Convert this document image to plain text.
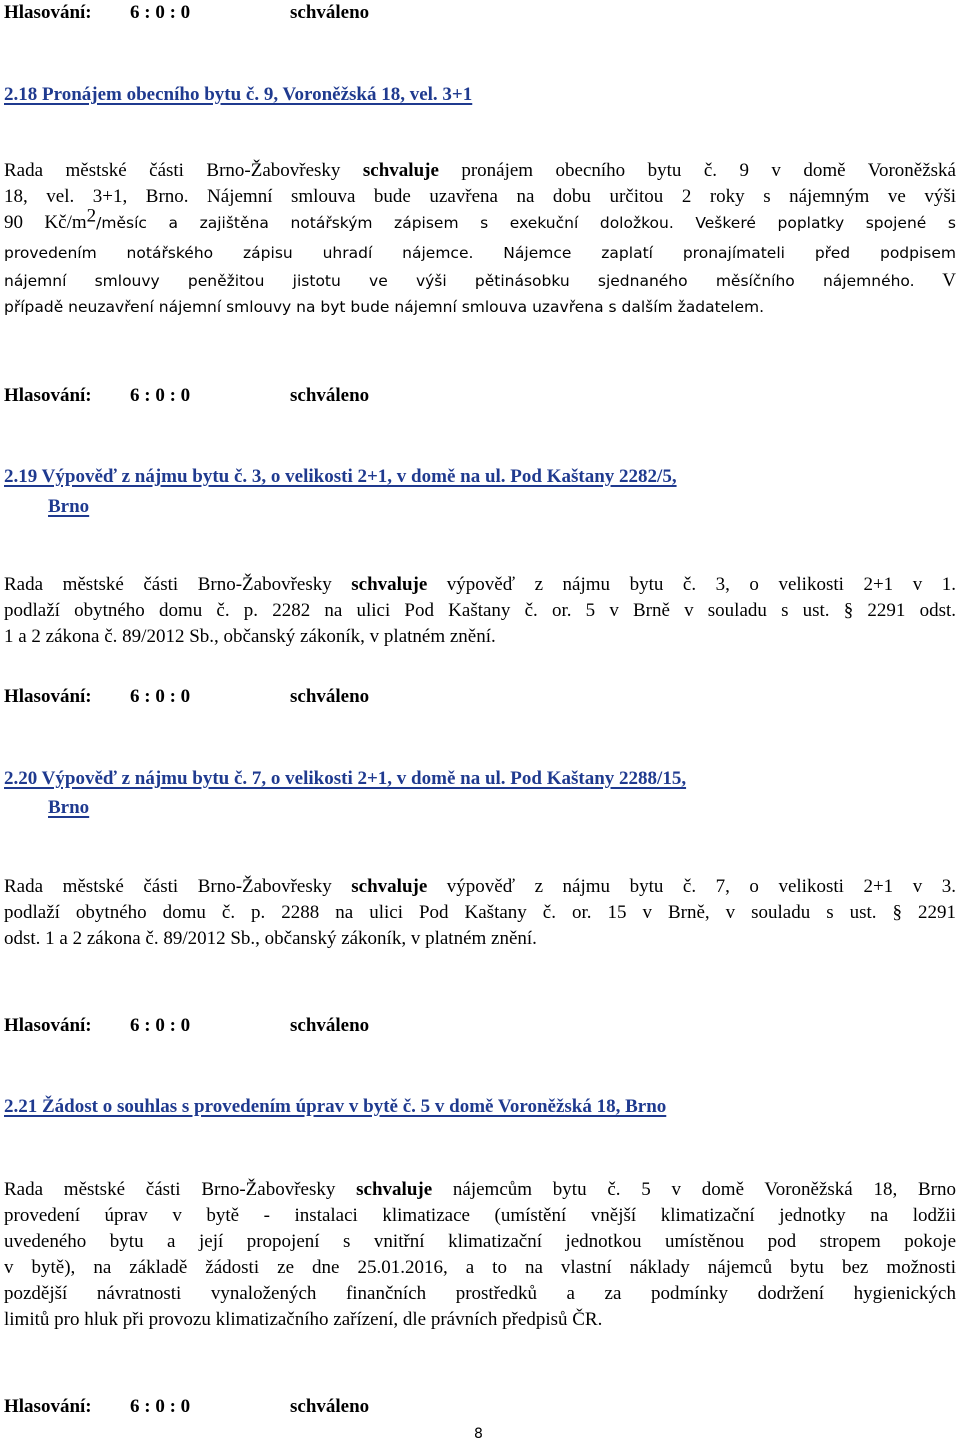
Hlasování: 6 : 0 : 0	schváleno
2.18 Pronájem obecního bytu č. 9, Voroněžská 18, vel. 3+1
Rada městské části Brno-Žabovřesky schvaluje pronájem obecního bytu č. 9 v domě Voroněžská
18, vel. 3+1, Brno. Nájemní smlouva bude uzavřena na dobu určitou 2 roky s nájemným ve výši
90 $Kč/m^2$/měsíc a zajištěna notářským zápisem s exekuční doložkou. Veškeré poplatky spojené s
provedením notářského zápisu uhradí nájemce. Nájemce zaplatí pronajímateli před podpisem
nájemní smlouvy peněžitou jistotu ve výši pětinásobku sjednaného měsíčního nájemného. V
případě neuzavření nájemní smlouvy na byt bude nájemní smlouva uzavřena s dalším žadatelem.
Hlasování: 6 : 0 : 0	schváleno
2.19 Výpověď z nájmu bytu č. 3, o velikosti 2+1, v domě na ul. Pod Kaštany 2282/5,
Brno
Rada městské části Brno-Žabovřesky schvaluje výpověď z nájmu bytu č. 3, o velikosti 2+1 v 1.
podlaží obytného domu č. p. 2282 na ulici Pod Kaštany č. or. 5 v Brně v souladu s ust. § 2291 odst.
1 a 2 zákona č. 89/2012 Sb., občanský zákoník, v platném znění.
Hlasování: 6 : 0 : 0	schváleno
2.20 Výpověď z nájmu bytu č. 7, o velikosti 2+1, v domě na ul. Pod Kaštany 2288/15,
Brno
Rada městské části Brno-Žabovřesky schvaluje výpověď z nájmu bytu č. 7, o velikosti 2+1 v 3.
podlaží obytného domu č. p. 2288 na ulici Pod Kaštany č. or. 15 v Brně, v souladu s ust. § 2291
odst. 1 a 2 zákona č. 89/2012 Sb., občanský zákoník, v platném znění.
Hlasování: 6 : 0 : 0	schváleno
2.21 Žádost o souhlas s provedením úprav v bytě č. 5 v domě Voroněžská 18, Brno
Rada městské části Brno-Žabovřesky schvaluje nájemcům bytu č. 5 v domě Voroněžská 18, Brno
provedení úprav v bytě - instalaci klimatizace (umístění vnější klimatizační jednotky na lodžii
uvedeného bytu a její propojení s vnitřní klimatizační jednotkou umístěnou pod stropem pokoje
v bytě), na základě žádosti ze dne 25.01.2016, a to na vlastní náklady nájemců bytu bez možnosti
pozdější návratnosti vynaložených finančních prostředků a za podmínky dodržení hygienických
limitů pro hluk při provozu klimatizačního zařízení, dle právních předpisů ČR.
Hlasování: 6 : 0 : 0	schváleno
8
